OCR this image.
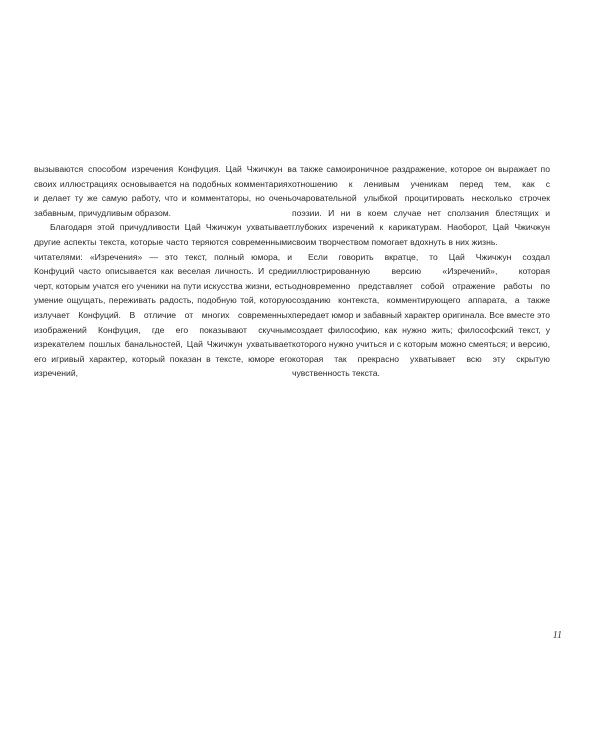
вызываются способом изречения Конфуция. Цай Чжичжун в своих иллюстрациях основывается на подобных комментариях и делает ту же самую работу, что и комментаторы, но очень забавным, причудливым образом.

Благодаря этой причудливости Цай Чжичжун ухватывает другие аспекты текста, которые часто теряются современными читателями: «Изречения» — это текст, полный юмора, и Конфуций часто описывается как веселая личность. И среди черт, которым учатся его ученики на пути искусства жизни, есть умение ощущать, переживать радость, подобную той, которую излучает Конфуций. В отличие от многих современных изображений Конфуция, где его показывают скучным изрекателем пошлых банальностей, Цай Чжичжун ухватывает его игривый характер, который показан в тексте, юморе его изречений,

а также самоироничное раздражение, которое он выражает по отношению к ленивым ученикам перед тем, как с очаровательной улыбкой процитировать несколько строчек поэзии. И ни в коем случае нет сползания блестящих и глубоких изречений к карикатурам. Наоборот, Цай Чжичжун своим творчеством помогает вдохнуть в них жизнь.

Если говорить вкратце, то Цай Чжичжун создал иллюстрированную версию «Изречений», которая одновременно представляет собой отражение работы по созданию контекста, комментирующего аппарата, а также передает юмор и забавный характер оригинала. Все вместе это создает философию, как нужно жить; философский текст, у которого нужно учиться и с которым можно смеяться; и версию, которая так прекрасно ухватывает всю эту скрытую чувственность текста.

11
